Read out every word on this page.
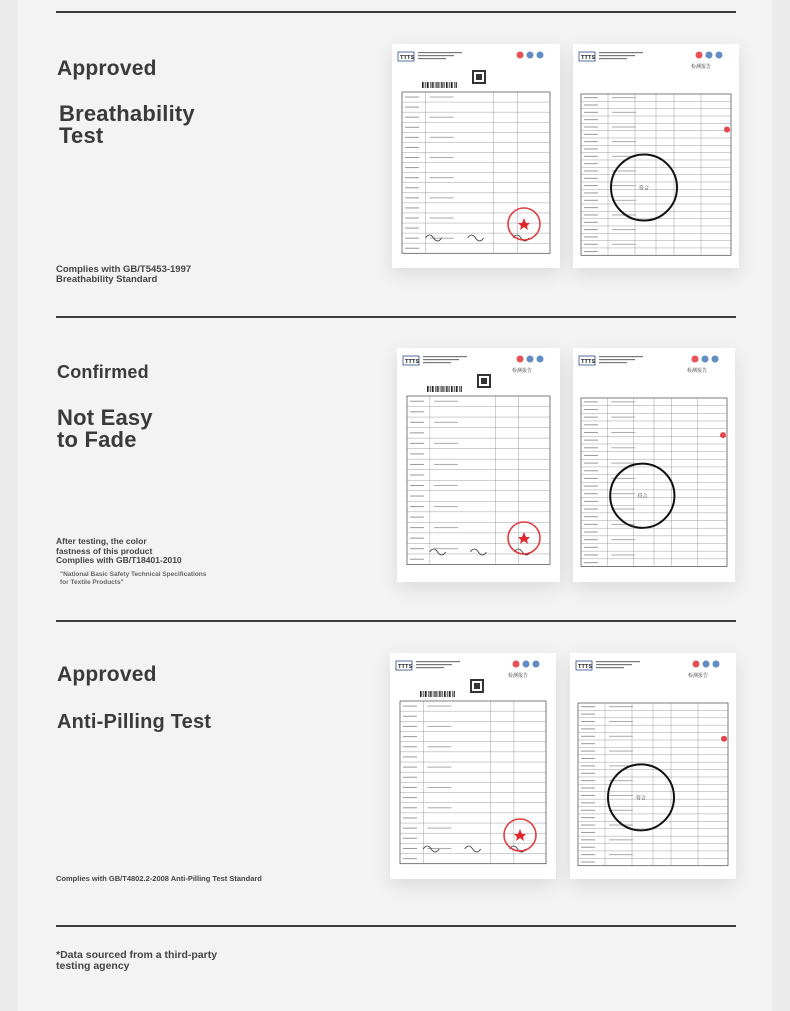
Approved
Breathability
Test
Complies with GB/T5453-1997
Breathability Standard
Confirmed
Not Easy
to Fade
After testing, the color
fastness of this product
Complies with GB/T18401-2010
"National Basic Safety Technical Specifications
for Textile Products"
Approved
Anti-Pilling Test
Complies with GB/T4802.2-2008 Anti-Pilling Test Standard
*Data sourced from a third-party
testing agency
TTTS	TTTS
检测报告
符合
TTTS
检测报告
TTTS
检测报告
符合
TTTS
检测报告
TTTS
检测报告
符合
